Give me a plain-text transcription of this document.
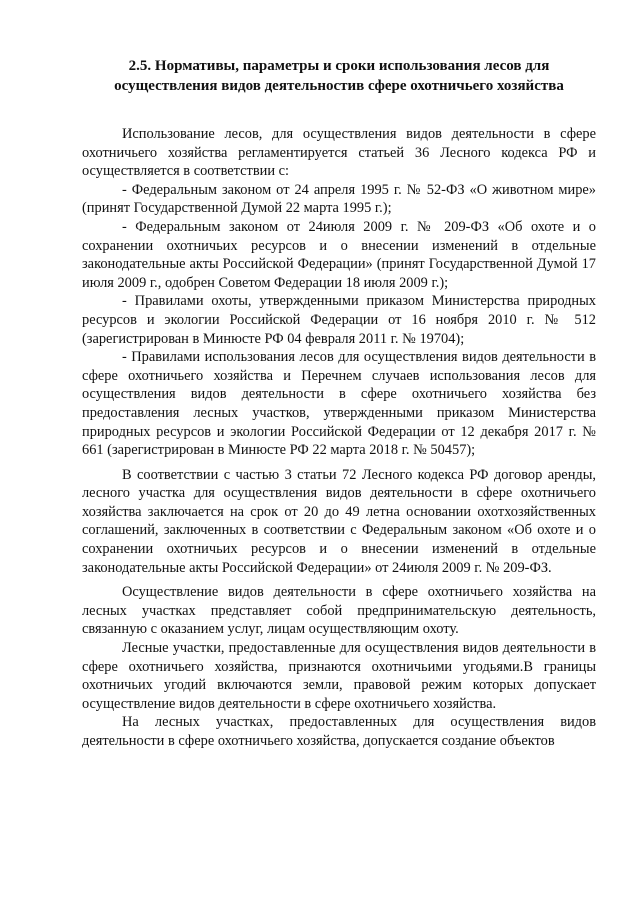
2.5. Нормативы, параметры и сроки использования лесов для
осуществления видов деятельностив сфере охотничьего хозяйства

Использование лесов, для осуществления видов деятельности в сфере охотничьего хозяйства регламентируется статьей 36 Лесного кодекса РФ и осуществляется в соответствии с:

- Федеральным законом от 24 апреля 1995 г. № 52-ФЗ «О животном мире» (принят Государственной Думой 22 марта 1995 г.);

- Федеральным законом от 24июля 2009 г. № 209-ФЗ «Об охоте и о сохранении охотничьих ресурсов и о внесении изменений в отдельные законодательные акты Российской Федерации» (принят Государственной Думой 17 июля 2009 г., одобрен Советом Федерации 18 июля 2009 г.);

- Правилами охоты, утвержденными приказом Министерства природных ресурсов и экологии Российской Федерации от 16 ноября 2010 г. № 512 (зарегистрирован в Минюсте РФ 04 февраля 2011 г. № 19704);

- Правилами использования лесов для осуществления видов деятельности в сфере охотничьего хозяйства и Перечнем случаев использования лесов для осуществления видов деятельности в сфере охотничьего хозяйства без предоставления лесных участков, утвержденными приказом Министерства природных ресурсов и экологии Российской Федерации от 12 декабря 2017 г. № 661 (зарегистрирован в Минюсте РФ 22 марта 2018 г. № 50457);

В соответствии с частью 3 статьи 72 Лесного кодекса РФ договор аренды, лесного участка для осуществления видов деятельности в сфере охотничьего хозяйства заключается на срок от 20 до 49 летна основании охотхозяйственных соглашений, заключенных в соответствии с Федеральным законом «Об охоте и о сохранении охотничьих ресурсов и о внесении изменений в отдельные законодательные акты Российской Федерации» от 24июля 2009 г. № 209-ФЗ.

Осуществление видов деятельности в сфере охотничьего хозяйства на лесных участках представляет собой предпринимательскую деятельность, связанную с оказанием услуг, лицам осуществляющим охоту.

Лесные участки, предоставленные для осуществления видов деятельности в сфере охотничьего хозяйства, признаются охотничьими угодьями.В границы охотничьих угодий включаются земли, правовой режим которых допускает осуществление видов деятельности в сфере охотничьего хозяйства.

На лесных участках, предоставленных для осуществления видов деятельности в сфере охотничьего хозяйства, допускается создание объектов
